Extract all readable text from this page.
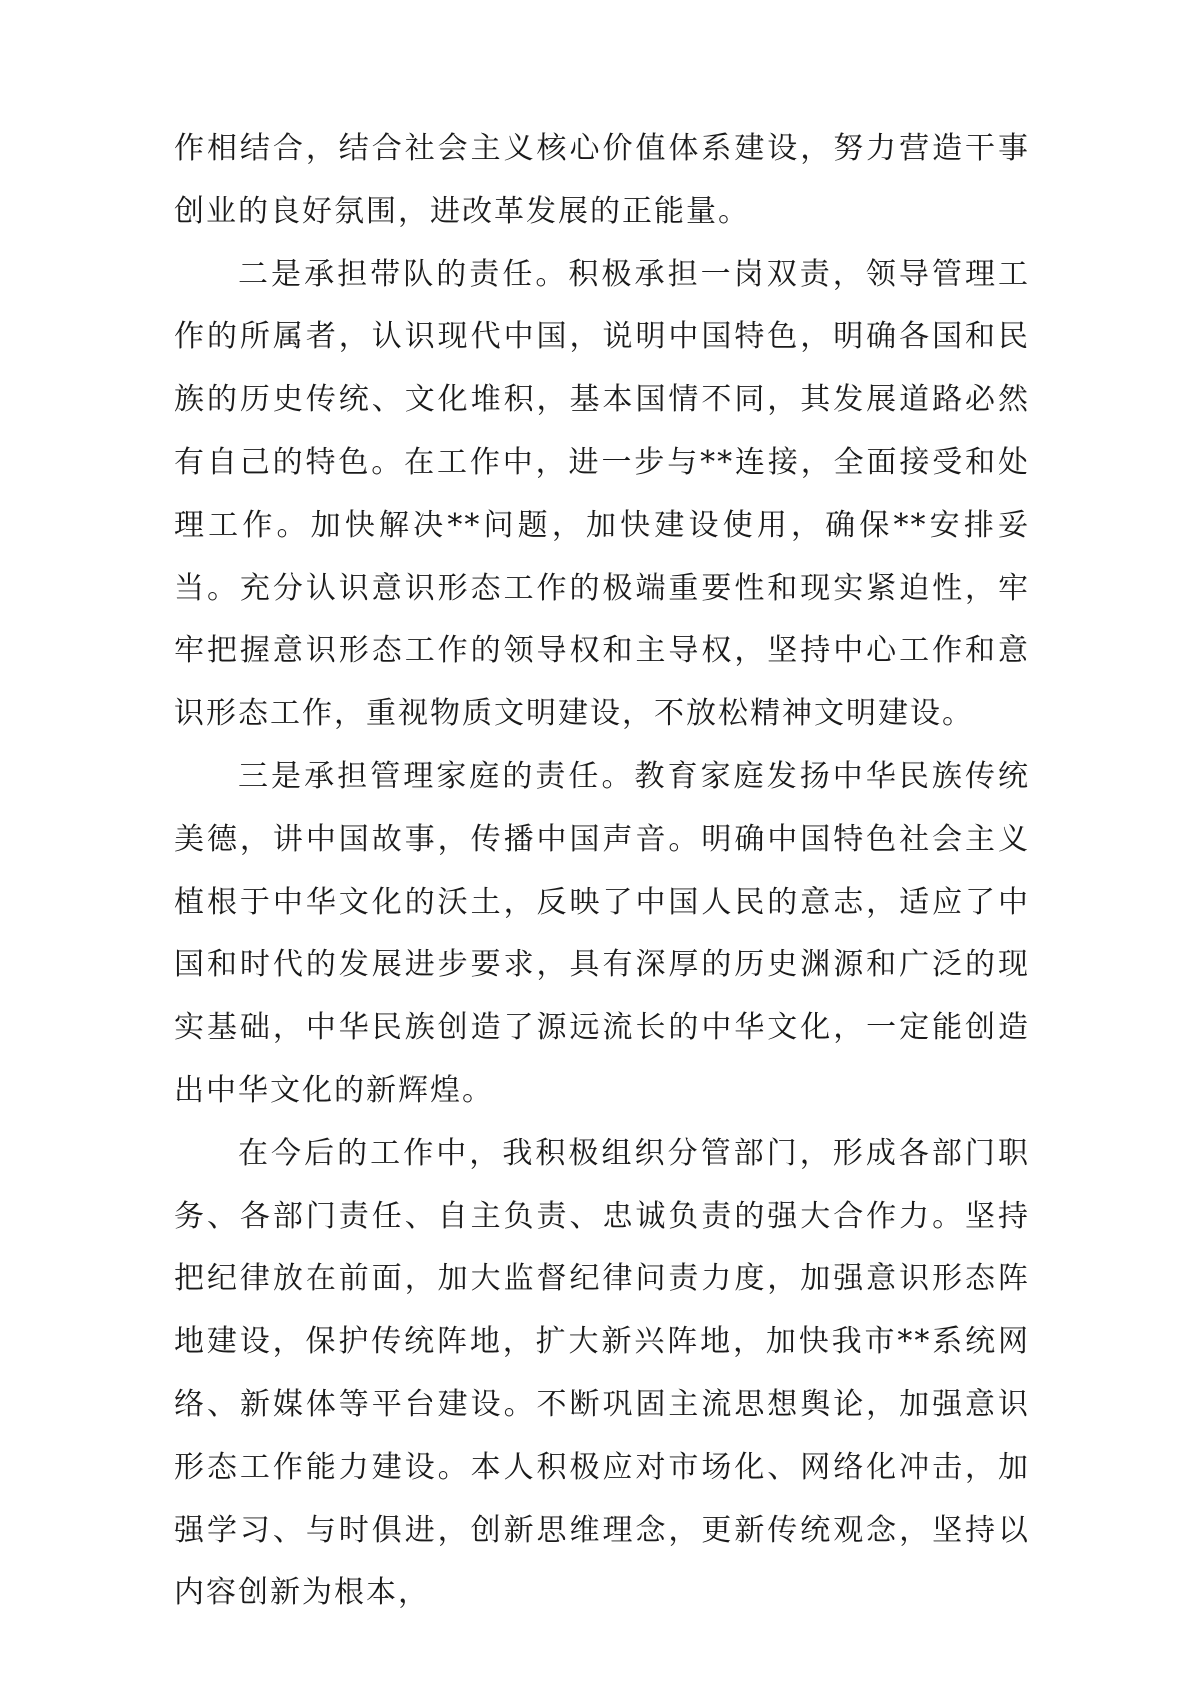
作相结合，结合社会主义核心价值体系建设，努力营造干事创业的良好氛围，进改革发展的正能量。

二是承担带队的责任。积极承担一岗双责，领导管理工作的所属者，认识现代中国，说明中国特色，明确各国和民族的历史传统、文化堆积，基本国情不同，其发展道路必然有自己的特色。在工作中，进一步与**连接，全面接受和处理工作。加快解决**问题，加快建设使用，确保**安排妥当。充分认识意识形态工作的极端重要性和现实紧迫性，牢牢把握意识形态工作的领导权和主导权，坚持中心工作和意识形态工作，重视物质文明建设，不放松精神文明建设。

三是承担管理家庭的责任。教育家庭发扬中华民族传统美德，讲中国故事，传播中国声音。明确中国特色社会主义植根于中华文化的沃土，反映了中国人民的意志，适应了中国和时代的发展进步要求，具有深厚的历史渊源和广泛的现实基础，中华民族创造了源远流长的中华文化，一定能创造出中华文化的新辉煌。

在今后的工作中，我积极组织分管部门，形成各部门职务、各部门责任、自主负责、忠诚负责的强大合作力。坚持把纪律放在前面，加大监督纪律问责力度，加强意识形态阵地建设，保护传统阵地，扩大新兴阵地，加快我市**系统网络、新媒体等平台建设。不断巩固主流思想舆论，加强意识形态工作能力建设。本人积极应对市场化、网络化冲击，加强学习、与时俱进，创新思维理念，更新传统观念，坚持以内容创新为根本，
